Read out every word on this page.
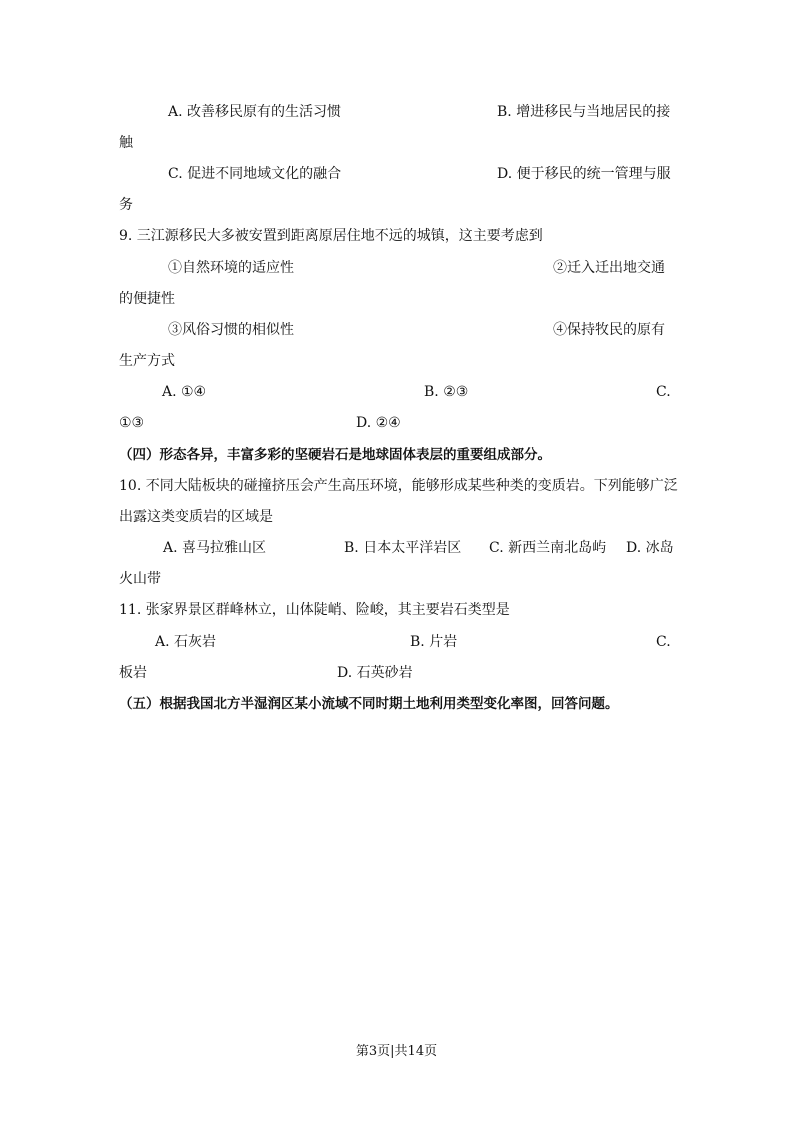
A. 改善移民原有的生活习惯	B. 增进移民与当地居民的接
触
C. 促进不同地域文化的融合	D. 便于移民的统一管理与服
务
9. 三江源移民大多被安置到距离原居住地不远的城镇，这主要考虑到
①自然环境的适应性	②迁入迁出地交通
的便捷性
③风俗习惯的相似性	④保持牧民的原有
生产方式
A. ①④	B. ②③	C.
①③	D. ②④
（四）形态各异，丰富多彩的坚硬岩石是地球固体表层的重要组成部分。
10. 不同大陆板块的碰撞挤压会产生高压环境，能够形成某些种类的变质岩。下列能够广泛
出露这类变质岩的区域是
A. 喜马拉雅山区	B. 日本太平洋岩区 C. 新西兰南北岛屿 D. 冰岛
火山带
11. 张家界景区群峰林立，山体陡峭、险峻，其主要岩石类型是
A. 石灰岩	B. 片岩	C.
板岩	D. 石英砂岩
（五）根据我国北方半湿润区某小流域不同时期土地利用类型变化率图，回答问题。
第3页|共14页
